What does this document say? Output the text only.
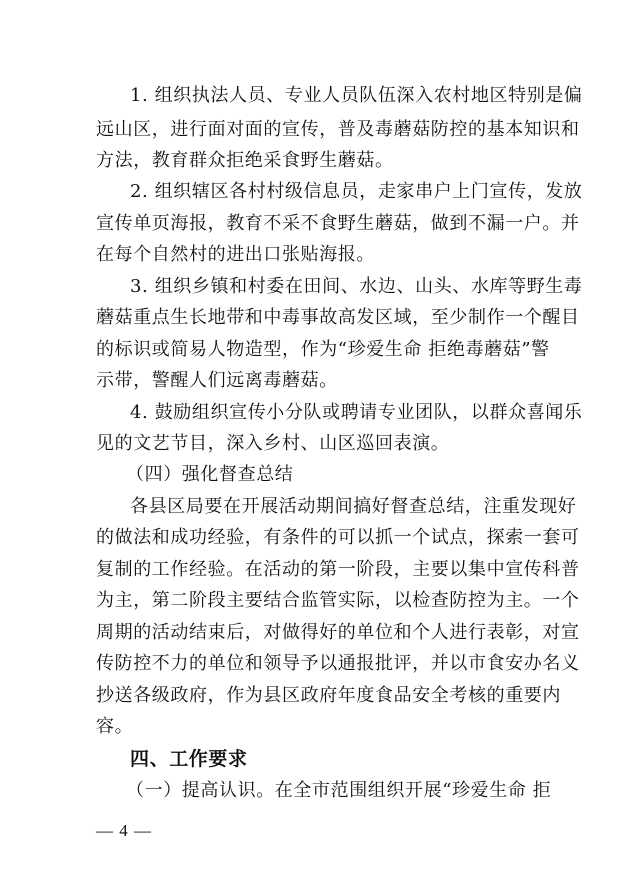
1. 组织执法人员、专业人员队伍深入农村地区特别是偏
远山区，进行面对面的宣传，普及毒蘑菇防控的基本知识和
方法，教育群众拒绝采食野生蘑菇。
2. 组织辖区各村村级信息员，走家串户上门宣传，发放
宣传单页海报，教育不采不食野生蘑菇，做到不漏一户。并
在每个自然村的进出口张贴海报。
3. 组织乡镇和村委在田间、水边、山头、水库等野生毒
蘑菇重点生长地带和中毒事故高发区域，至少制作一个醒目
的标识或简易人物造型，作为“珍爱生命 拒绝毒蘑菇”警
示带，警醒人们远离毒蘑菇。
4. 鼓励组织宣传小分队或聘请专业团队，以群众喜闻乐
见的文艺节目，深入乡村、山区巡回表演。
（四）强化督查总结
各县区局要在开展活动期间搞好督查总结，注重发现好
的做法和成功经验，有条件的可以抓一个试点，探索一套可
复制的工作经验。在活动的第一阶段，主要以集中宣传科普
为主，第二阶段主要结合监管实际，以检查防控为主。一个
周期的活动结束后，对做得好的单位和个人进行表彰，对宣
传防控不力的单位和领导予以通报批评，并以市食安办名义
抄送各级政府，作为县区政府年度食品安全考核的重要内
容。
四、工作要求
（一）提高认识。在全市范围组织开展“珍爱生命 拒
— 4 —
